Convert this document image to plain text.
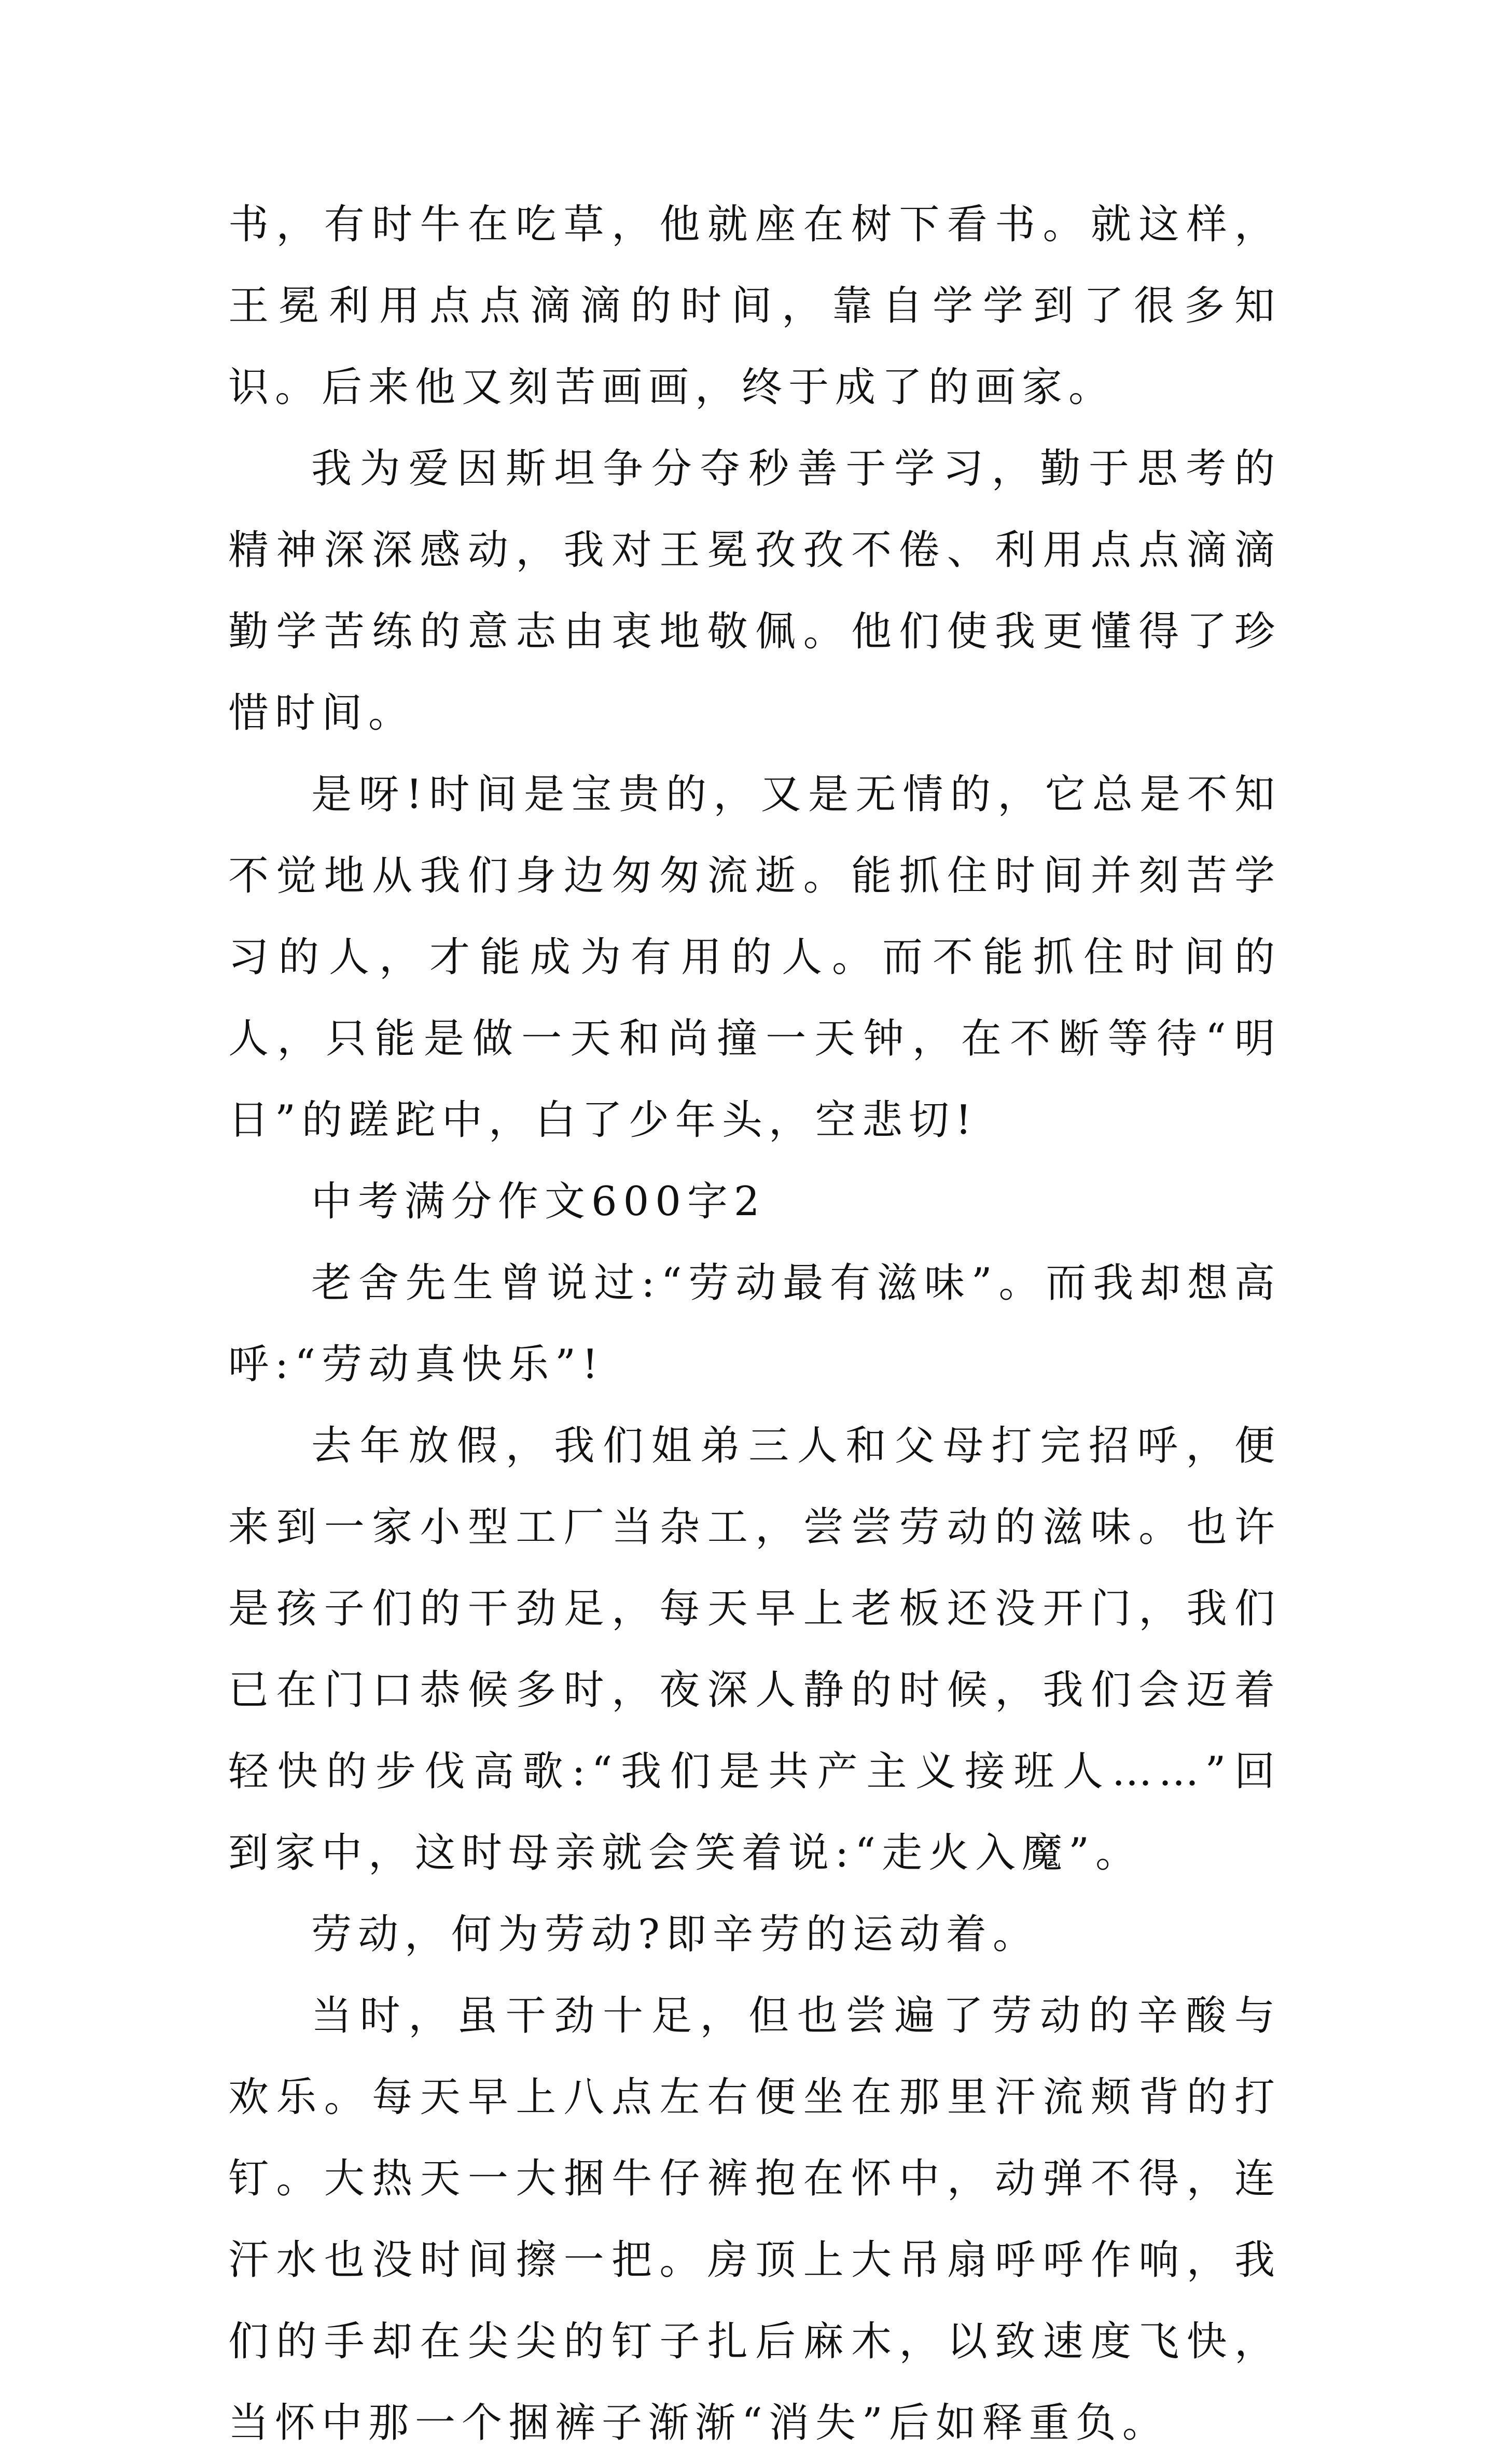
书，有时牛在吃草，他就座在树下看书。就这样，王冕利用点点滴滴的时间，靠自学学到了很多知识。后来他又刻苦画画，终于成了的画家。

我为爱因斯坦争分夺秒善于学习，勤于思考的精神深深感动，我对王冕孜孜不倦、利用点点滴滴勤学苦练的意志由衷地敬佩。他们使我更懂得了珍惜时间。

是呀!时间是宝贵的，又是无情的，它总是不知不觉地从我们身边匆匆流逝。能抓住时间并刻苦学习的人，才能成为有用的人。而不能抓住时间的人，只能是做一天和尚撞一天钟，在不断等待“明日”的蹉跎中，白了少年头，空悲切!

中考满分作文600字2

老舍先生曾说过:“劳动最有滋味”。而我却想高呼:“劳动真快乐”!

去年放假，我们姐弟三人和父母打完招呼，便来到一家小型工厂当杂工，尝尝劳动的滋味。也许是孩子们的干劲足，每天早上老板还没开门，我们已在门口恭候多时，夜深人静的时候，我们会迈着轻快的步伐高歌:“我们是共产主义接班人……”回到家中，这时母亲就会笑着说:“走火入魔”。

劳动，何为劳动?即辛劳的运动着。

当时，虽干劲十足，但也尝遍了劳动的辛酸与欢乐。每天早上八点左右便坐在那里汗流颊背的打钉。大热天一大捆牛仔裤抱在怀中，动弹不得，连汗水也没时间擦一把。房顶上大吊扇呼呼作响，我们的手却在尖尖的钉子扎后麻木，以致速度飞快，当怀中那一个捆裤子渐渐“消失”后如释重负。
